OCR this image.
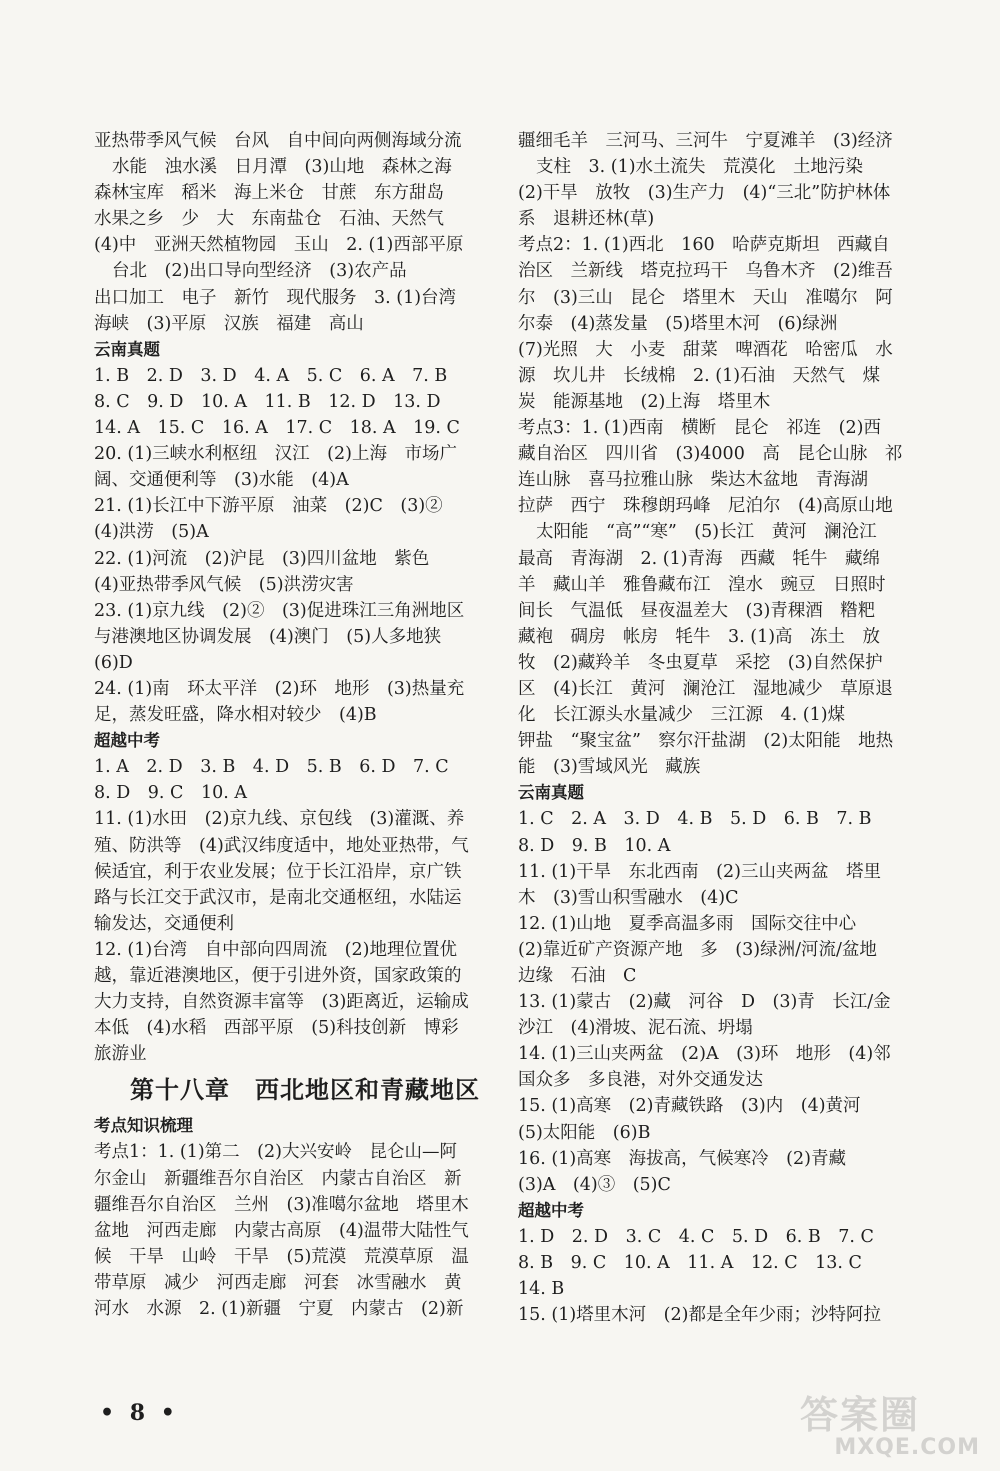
亚热带季风气候　台风　自中间向两侧海域分流
水能　浊水溪　日月潭　(3)山地　森林之海
森林宝库　稻米　海上米仓　甘蔗　东方甜岛
水果之乡　少　大　东南盐仓　石油、天然气
(4)中　亚洲天然植物园　玉山　2. (1)西部平原
台北　(2)出口导向型经济　(3)农产品
出口加工　电子　新竹　现代服务　3. (1)台湾
海峡　(3)平原　汉族　福建　高山
云南真题
1. B　2. D　3. D　4. A　5. C　6. A　7. B
8. C　9. D　10. A　11. B　12. D　13. D
14. A　15. C　16. A　17. C　18. A　19. C
20. (1)三峡水利枢纽　汉江　(2)上海　市场广
阔、交通便利等　(3)水能　(4)A
21. (1)长江中下游平原　油菜　(2)C　(3)②
(4)洪涝　(5)A
22. (1)河流　(2)沪昆　(3)四川盆地　紫色
(4)亚热带季风气候　(5)洪涝灾害
23. (1)京九线　(2)②　(3)促进珠江三角洲地区
与港澳地区协调发展　(4)澳门　(5)人多地狭
(6)D
24. (1)南　环太平洋　(2)环　地形　(3)热量充
足，蒸发旺盛，降水相对较少　(4)B
超越中考
1. A　2. D　3. B　4. D　5. B　6. D　7. C
8. D　9. C　10. A
11. (1)水田　(2)京九线、京包线　(3)灌溉、养
殖、防洪等　(4)武汉纬度适中，地处亚热带，气
候适宜，利于农业发展；位于长江沿岸，京广铁
路与长江交于武汉市，是南北交通枢纽，水陆运
输发达，交通便利
12. (1)台湾　自中部向四周流　(2)地理位置优
越，靠近港澳地区，便于引进外资，国家政策的
大力支持，自然资源丰富等　(3)距离近，运输成
本低　(4)水稻　西部平原　(5)科技创新　博彩
旅游业
第十八章　西北地区和青藏地区
考点知识梳理
考点1：1. (1)第二　(2)大兴安岭　昆仑山—阿
尔金山　新疆维吾尔自治区　内蒙古自治区　新
疆维吾尔自治区　兰州　(3)准噶尔盆地　塔里木
盆地　河西走廊　内蒙古高原　(4)温带大陆性气
候　干旱　山岭　干旱　(5)荒漠　荒漠草原　温
带草原　减少　河西走廊　河套　冰雪融水　黄
河水　水源　2. (1)新疆　宁夏　内蒙古　(2)新
疆细毛羊　三河马、三河牛　宁夏滩羊　(3)经济
支柱　3. (1)水土流失　荒漠化　土地污染
(2)干旱　放牧　(3)生产力　(4)“三北”防护林体
系　退耕还林(草)
考点2：1. (1)西北　160　哈萨克斯坦　西藏自
治区　兰新线　塔克拉玛干　乌鲁木齐　(2)维吾
尔　(3)三山　昆仑　塔里木　天山　准噶尔　阿
尔泰　(4)蒸发量　(5)塔里木河　(6)绿洲
(7)光照　大　小麦　甜菜　啤酒花　哈密瓜　水
源　坎儿井　长绒棉　2. (1)石油　天然气　煤
炭　能源基地　(2)上海　塔里木
考点3：1. (1)西南　横断　昆仑　祁连　(2)西
藏自治区　四川省　(3)4000　高　昆仑山脉　祁
连山脉　喜马拉雅山脉　柴达木盆地　青海湖
拉萨　西宁　珠穆朗玛峰　尼泊尔　(4)高原山地
太阳能　“高”“寒”　(5)长江　黄河　澜沧江
最高　青海湖　2. (1)青海　西藏　牦牛　藏绵
羊　藏山羊　雅鲁藏布江　湟水　豌豆　日照时
间长　气温低　昼夜温差大　(3)青稞酒　糌粑
藏袍　碉房　帐房　牦牛　3. (1)高　冻土　放
牧　(2)藏羚羊　冬虫夏草　采挖　(3)自然保护
区　(4)长江　黄河　澜沧江　湿地减少　草原退
化　长江源头水量减少　三江源　4. (1)煤
钾盐　“聚宝盆”　察尔汗盐湖　(2)太阳能　地热
能　(3)雪域风光　藏族
云南真题
1. C　2. A　3. D　4. B　5. D　6. B　7. B
8. D　9. B　10. A
11. (1)干旱　东北西南　(2)三山夹两盆　塔里
木　(3)雪山积雪融水　(4)C
12. (1)山地　夏季高温多雨　国际交往中心
(2)靠近矿产资源产地　多　(3)绿洲/河流/盆地
边缘　石油　C
13. (1)蒙古　(2)藏　河谷　D　(3)青　长江/金
沙江　(4)滑坡、泥石流、坍塌
14. (1)三山夹两盆　(2)A　(3)环　地形　(4)邻
国众多　多良港，对外交通发达
15. (1)高寒　(2)青藏铁路　(3)内　(4)黄河
(5)太阳能　(6)B
16. (1)高寒　海拔高，气候寒冷　(2)青藏
(3)A　(4)③　(5)C
超越中考
1. D　2. D　3. C　4. C　5. D　6. B　7. C
8. B　9. C　10. A　11. A　12. C　13. C
14. B
15. (1)塔里木河　(2)都是全年少雨；沙特阿拉
• 8 •	答案圈
MXQE.COM
